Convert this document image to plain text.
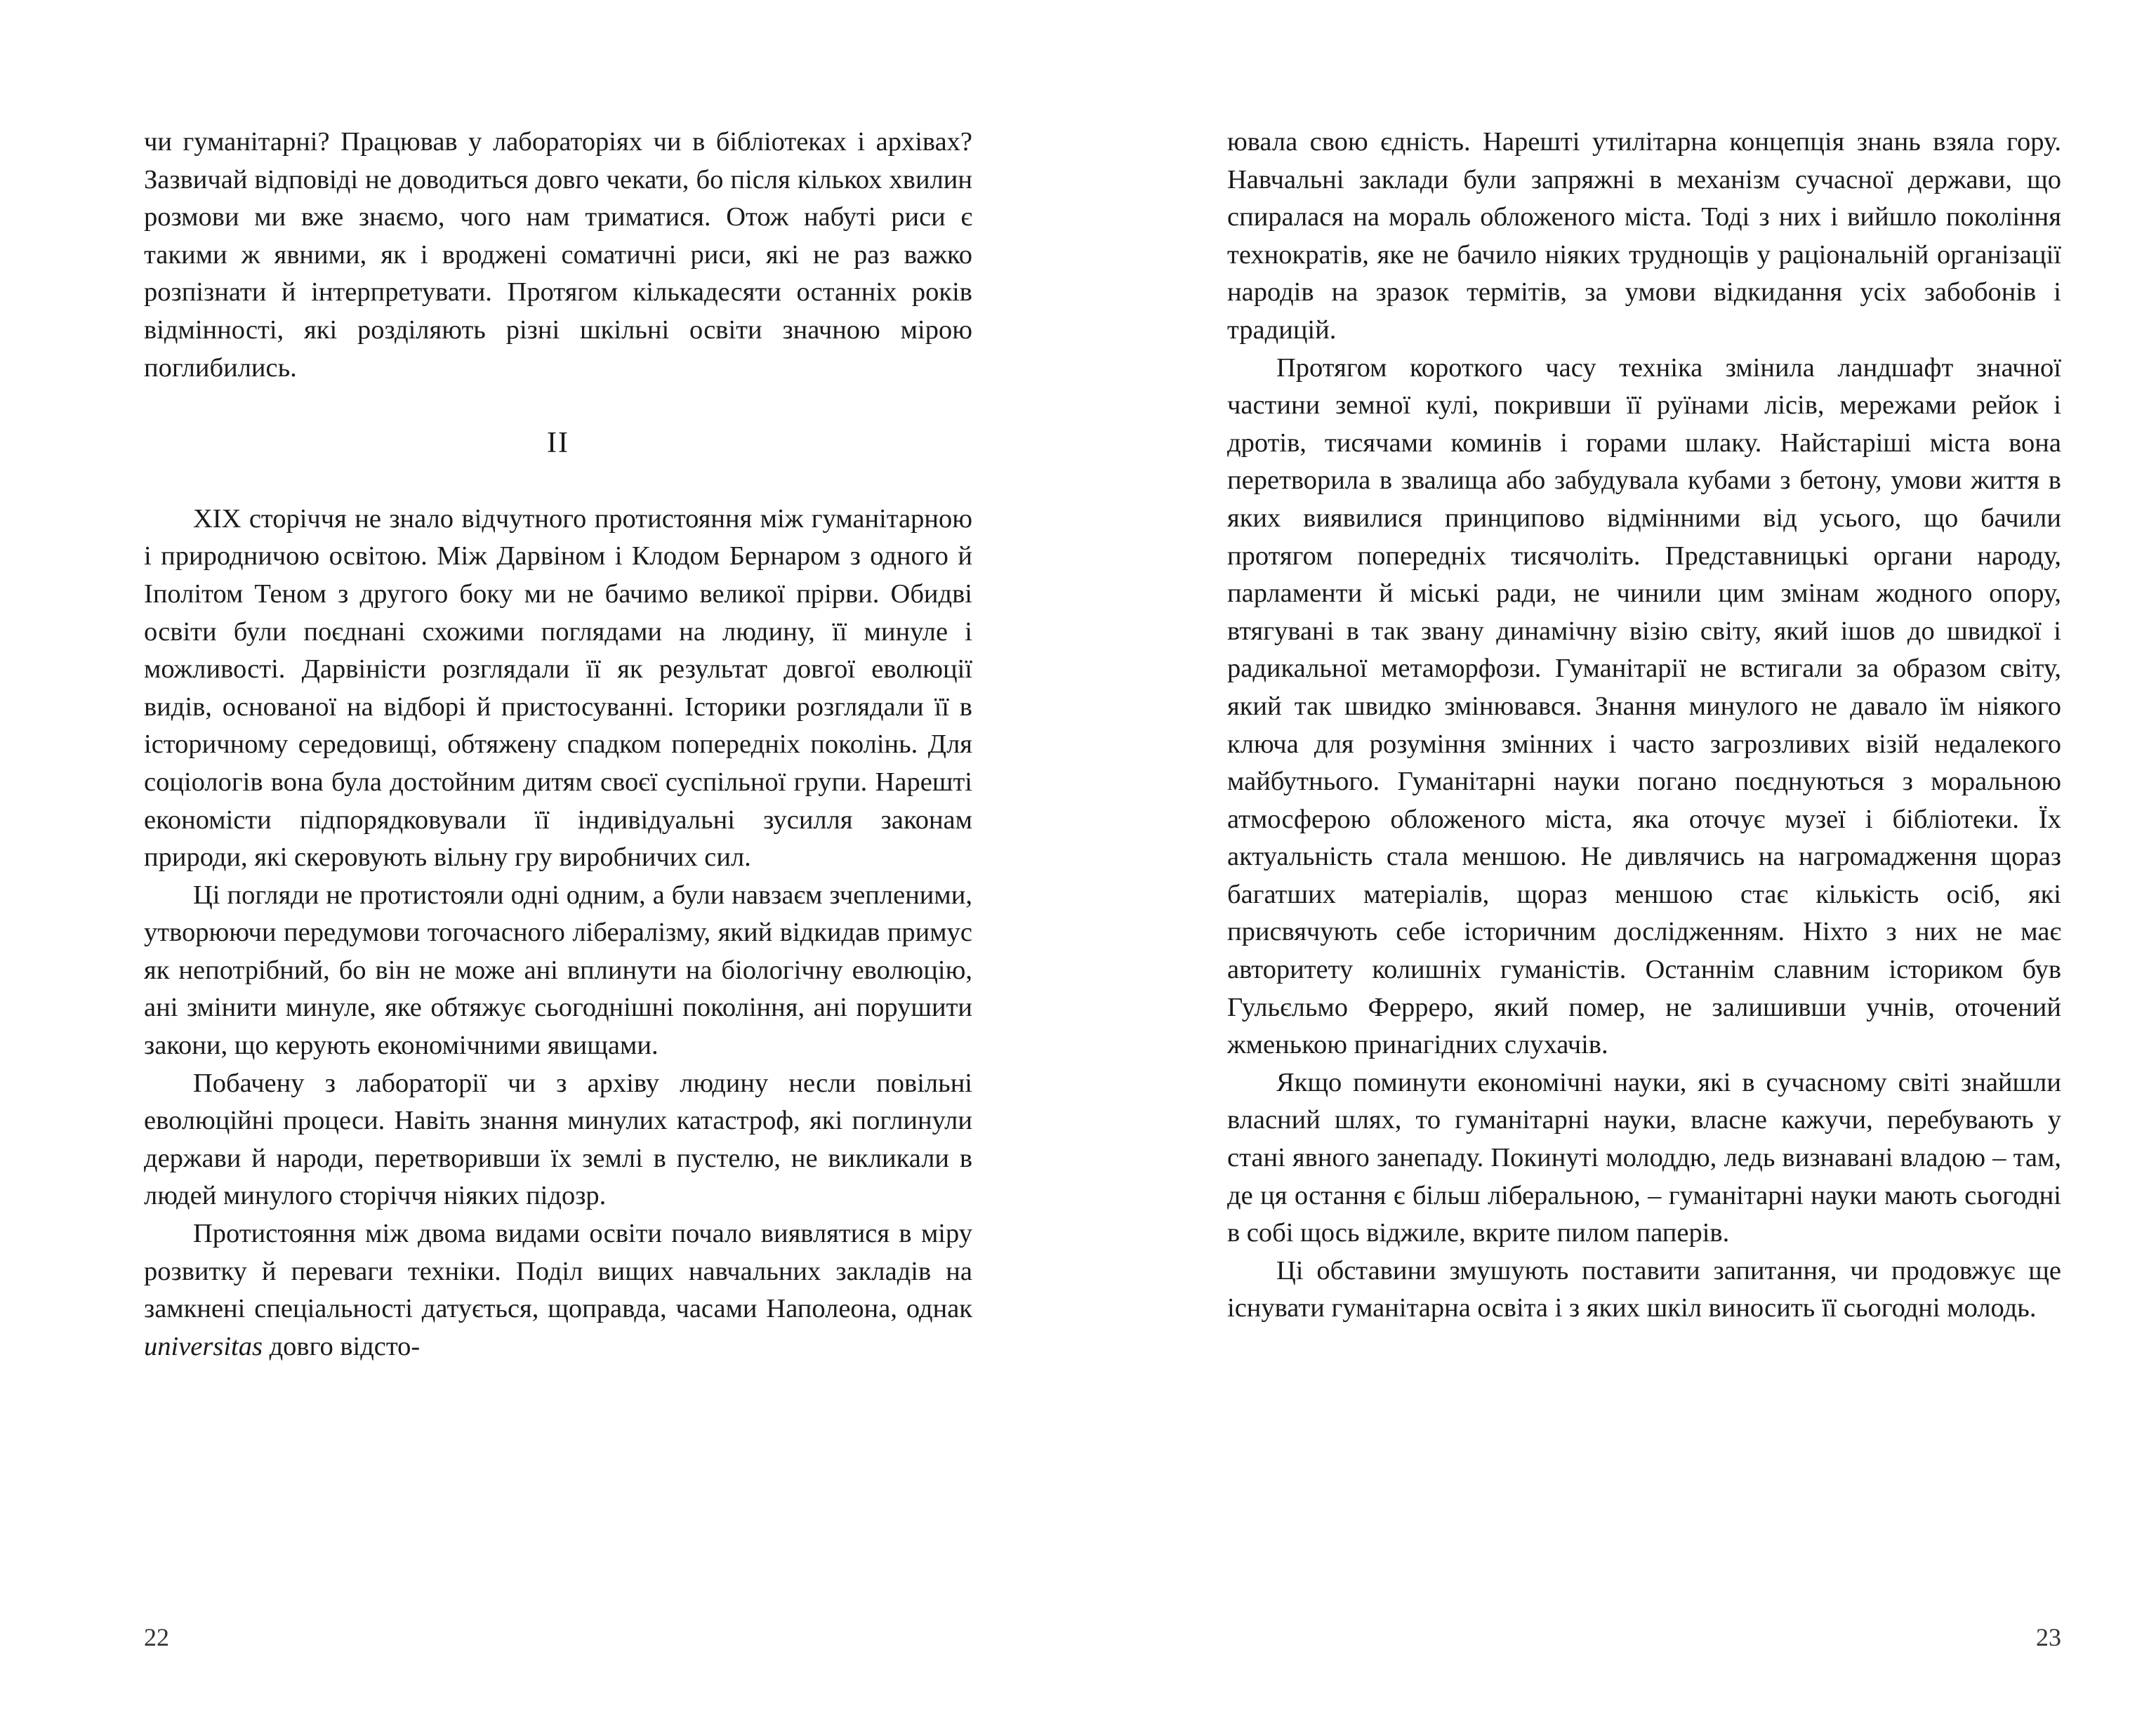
чи гуманітарні? Працював у лабораторіях чи в бібліотеках і архівах? Зазвичай відповіді не доводиться довго чекати, бо після кількох хвилин розмови ми вже знаємо, чого нам триматися. Отож набуті риси є такими ж явними, як і вроджені соматичні риси, які не раз важко розпізнати й інтерпретувати. Протягом кількадесяти останніх років відмінності, які розділяють різні шкільні освіти значною мірою поглибились.

II

XIX сторіччя не знало відчутного протистояння між гуманітарною і природничою освітою. Між Дарвіном і Клодом Бернаром з одного й Іполітом Теном з другого боку ми не бачимо великої прірви. Обидві освіти були поєднані схожими поглядами на людину, її минуле і можливості. Дарвіністи розглядали її як результат довгої еволюції видів, основаної на відборі й пристосуванні. Історики розглядали її в історичному середовищі, обтяжену спадком попередніх поколінь. Для соціологів вона була достойним дитям своєї суспільної групи. Нарешті економісти підпорядковували її індивідуальні зусилля законам природи, які скеровують вільну гру виробничих сил.

Ці погляди не протистояли одні одним, а були навзаєм зчепленими, утворюючи передумови тогочасного лібералізму, який відкидав примус як непотрібний, бо він не може ані вплинути на біологічну еволюцію, ані змінити минуле, яке обтяжує сьогоднішні покоління, ані порушити закони, що керують економічними явищами.

Побачену з лабораторії чи з архіву людину несли повільні еволюційні процеси. Навіть знання минулих катастроф, які поглинули держави й народи, перетворивши їх землі в пустелю, не викликали в людей минулого сторіччя ніяких підозр.

Протистояння між двома видами освіти почало виявлятися в міру розвитку й переваги техніки. Поділ вищих навчальних закладів на замкнені спеціальності датується, щоправда, часами Наполеона, однак universitas довго відсто-

22

ювала свою єдність. Нарешті утилітарна концепція знань взяла гору. Навчальні заклади були запряжні в механізм сучасної держави, що спиралася на мораль обложеного міста. Тоді з них і вийшло покоління технократів, яке не бачило ніяких труднощів у раціональній організації народів на зразок термітів, за умови відкидання усіх забобонів і традицій.

Протягом короткого часу техніка змінила ландшафт значної частини земної кулі, покривши її руїнами лісів, мережами рейок і дротів, тисячами коминів і горами шлаку. Найстаріші міста вона перетворила в звалища або забудувала кубами з бетону, умови життя в яких виявилися принципово відмінними від усього, що бачили протягом попередніх тисячоліть. Представницькі органи народу, парламенти й міські ради, не чинили цим змінам жодного опору, втягувані в так звану динамічну візію світу, який ішов до швидкої і радикальної метаморфози. Гуманітарії не встигали за образом світу, який так швидко змінювався. Знання минулого не давало їм ніякого ключа для розуміння змінних і часто загрозливих візій недалекого майбутнього. Гуманітарні науки погано поєднуються з моральною атмосферою обложеного міста, яка оточує музеї і бібліотеки. Їх актуальність стала меншою. Не дивлячись на нагромадження щораз багатших матеріалів, щораз меншою стає кількість осіб, які присвячують себе історичним дослідженням. Ніхто з них не має авторитету колишніх гуманістів. Останнім славним істориком був Гульєльмо Ферреро, який помер, не залишивши учнів, оточений жменькою принагідних слухачів.

Якщо поминути економічні науки, які в сучасному світі знайшли власний шлях, то гуманітарні науки, власне кажучи, перебувають у стані явного занепаду. Покинуті молоддю, ледь визнавані владою – там, де ця остання є більш ліберальною, – гуманітарні науки мають сьогодні в собі щось віджиле, вкрите пилом паперів.

Ці обставини змушують поставити запитання, чи продовжує ще існувати гуманітарна освіта і з яких шкіл виносить її сьогодні молодь.

23
